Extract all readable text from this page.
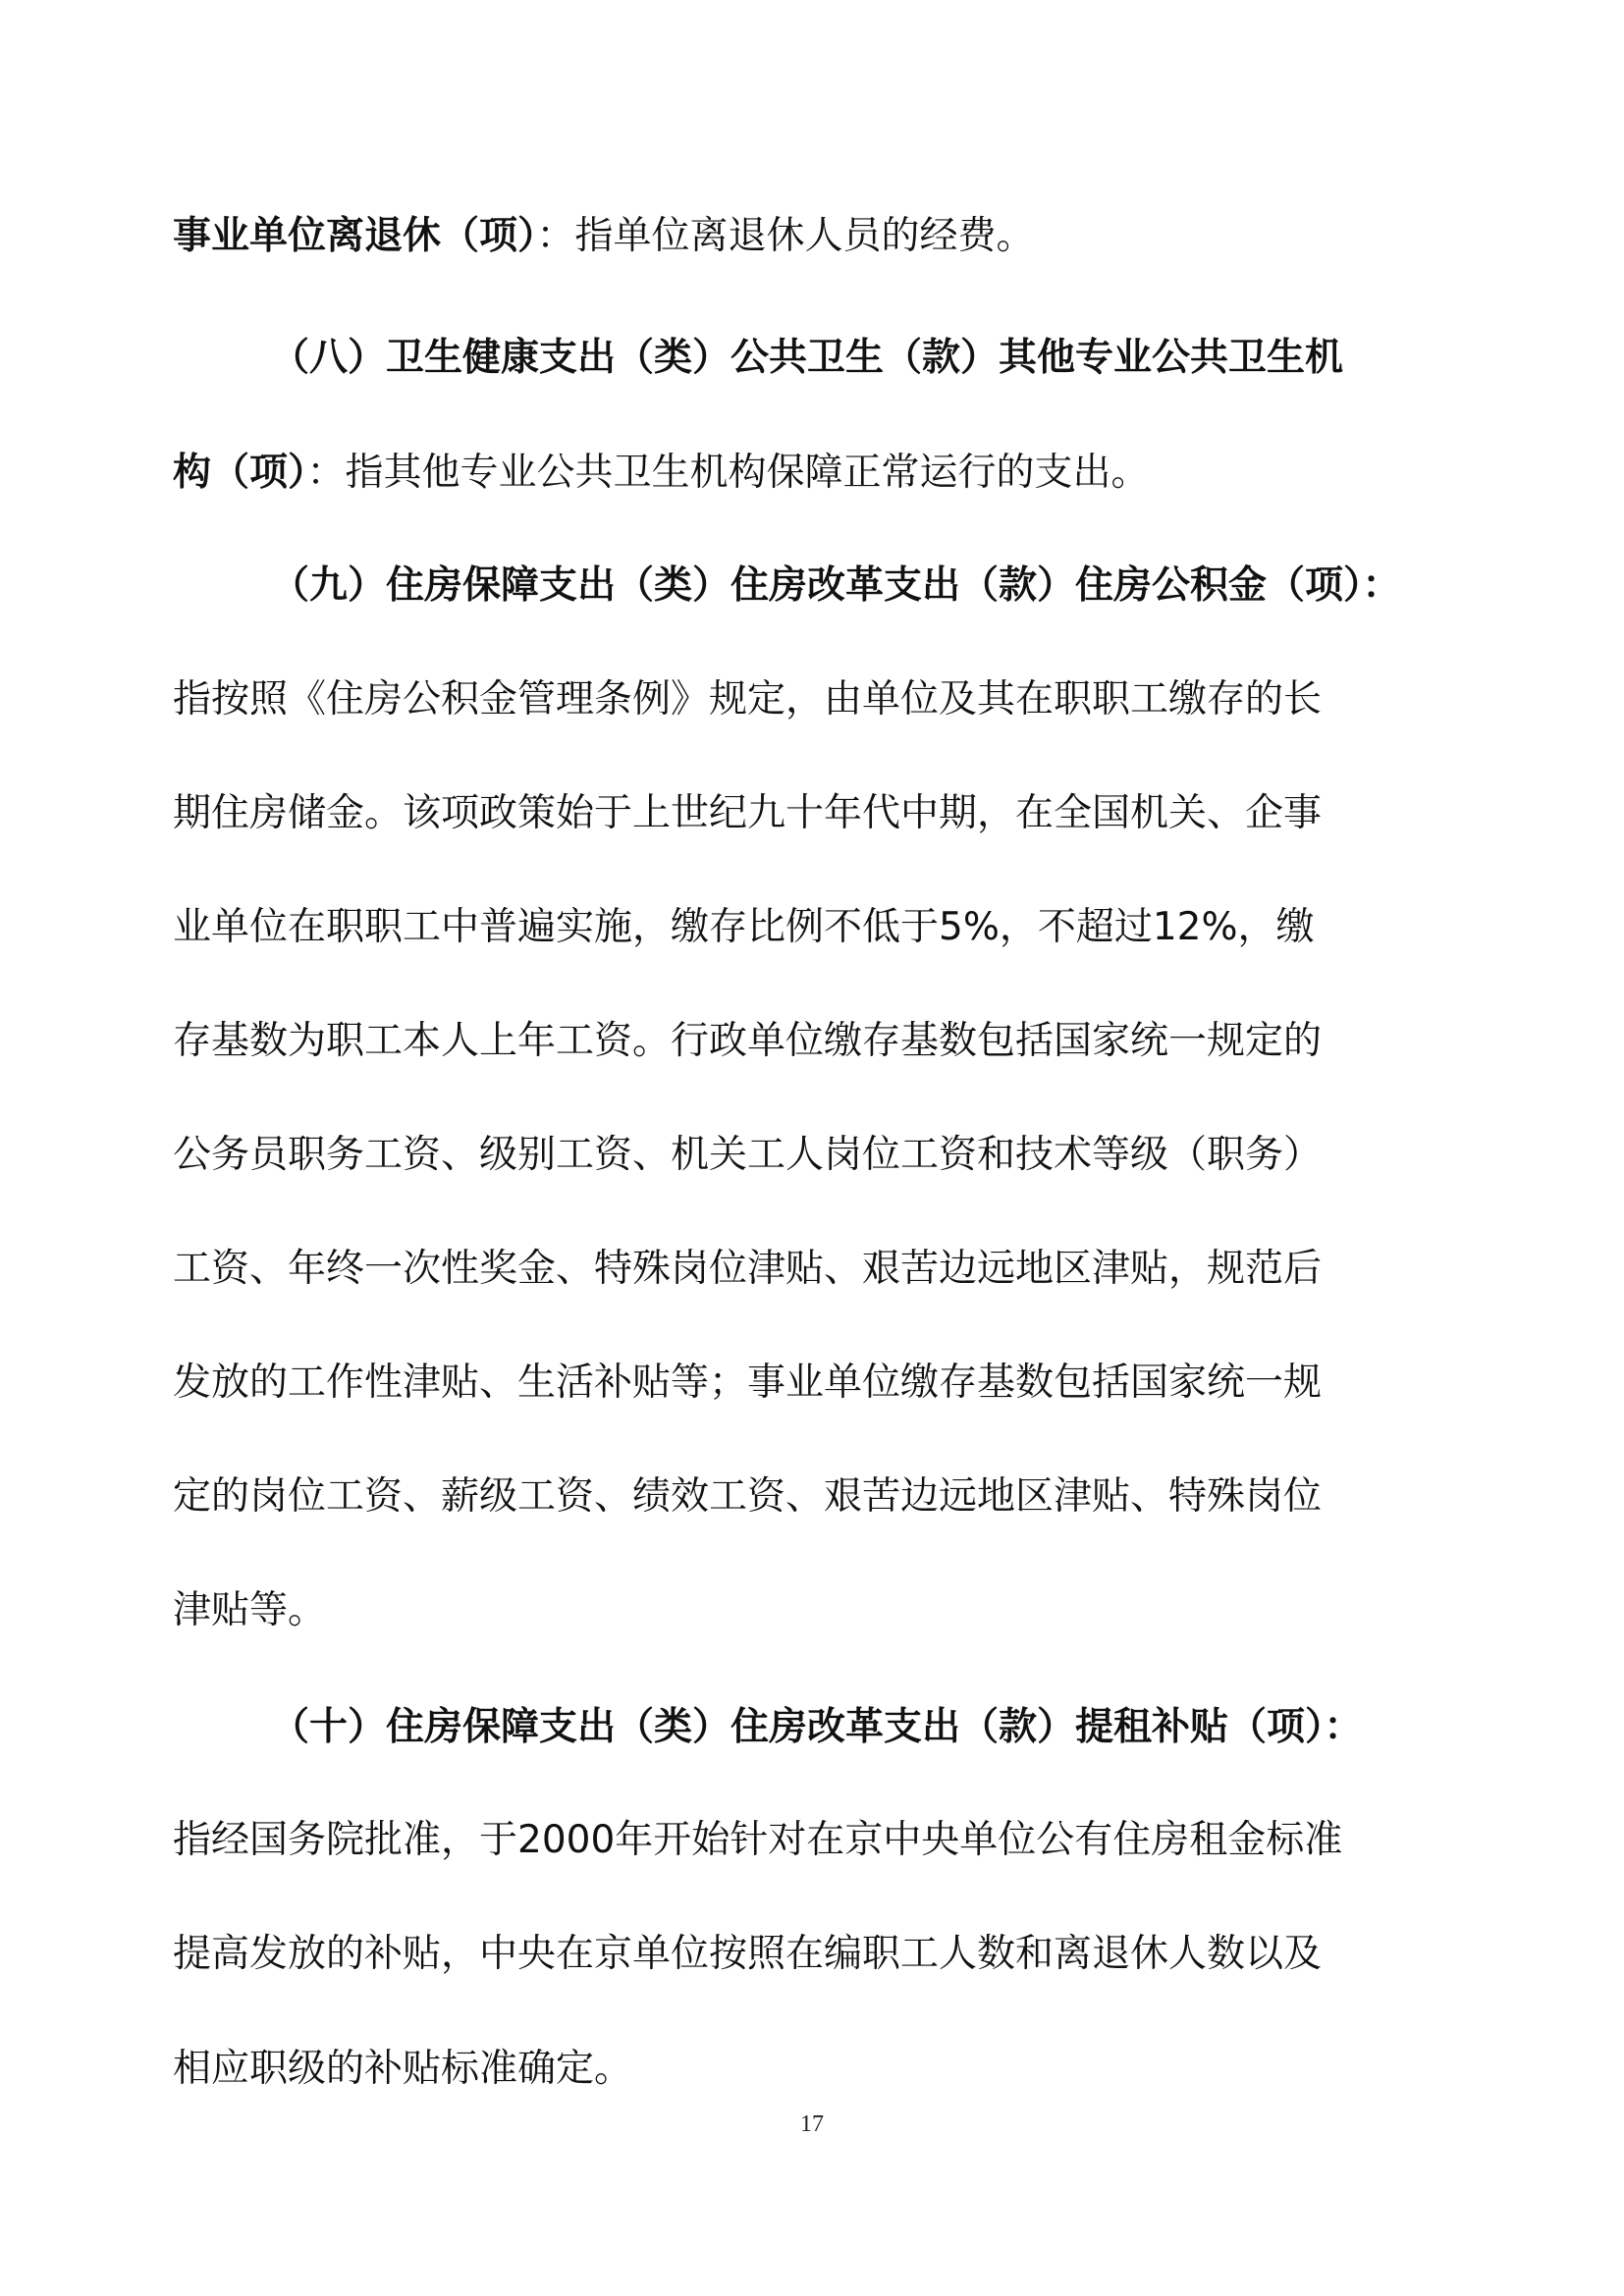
事业单位离退休（项）：指单位离退休人员的经费。
（八）卫生健康支出（类）公共卫生（款）其他专业公共卫生机
构（项）：指其他专业公共卫生机构保障正常运行的支出。
（九）住房保障支出（类）住房改革支出（款）住房公积金（项）：
指按照《住房公积金管理条例》规定，由单位及其在职职工缴存的长
期住房储金。该项政策始于上世纪九十年代中期，在全国机关、企事
业单位在职职工中普遍实施，缴存比例不低于5%，不超过12%，缴
存基数为职工本人上年工资。行政单位缴存基数包括国家统一规定的
公务员职务工资、级别工资、机关工人岗位工资和技术等级（职务）
工资、年终一次性奖金、特殊岗位津贴、艰苦边远地区津贴，规范后
发放的工作性津贴、生活补贴等；事业单位缴存基数包括国家统一规
定的岗位工资、薪级工资、绩效工资、艰苦边远地区津贴、特殊岗位
津贴等。
（十）住房保障支出（类）住房改革支出（款）提租补贴（项）：
指经国务院批准，于2000年开始针对在京中央单位公有住房租金标准
提高发放的补贴，中央在京单位按照在编职工人数和离退休人数以及
相应职级的补贴标准确定。
17
